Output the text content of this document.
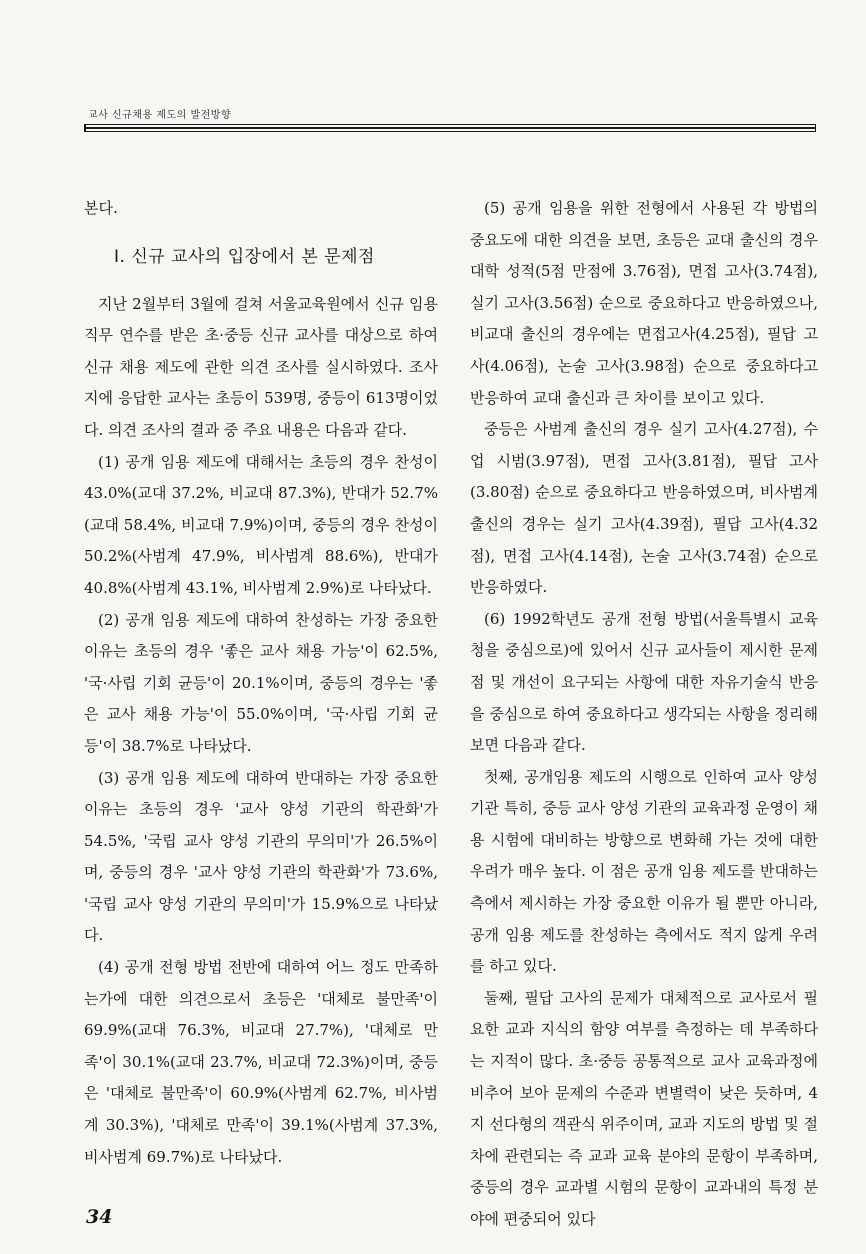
교사 신규채용 제도의 발전방향

본다.

I. 신규 교사의 입장에서 본 문제점

지난 2월부터 3월에 걸쳐 서울교육원에서 신규 임용 직무 연수를 받은 초·중등 신규 교사를 대상으로 하여 신규 채용 제도에 관한 의견 조사를 실시하였다. 조사지에 응답한 교사는 초등이 539명, 중등이 613명이었다. 의견 조사의 결과 중 주요 내용은 다음과 같다.

(1) 공개 임용 제도에 대해서는 초등의 경우 찬성이 43.0%(교대 37.2%, 비교대 87.3%), 반대가 52.7%(교대 58.4%, 비교대 7.9%)이며, 중등의 경우 찬성이 50.2%(사범계 47.9%, 비사범계 88.6%), 반대가 40.8%(사범계 43.1%, 비사범계 2.9%)로 나타났다.

(2) 공개 임용 제도에 대하여 찬성하는 가장 중요한 이유는 초등의 경우 '좋은 교사 채용 가능'이 62.5%, '국·사립 기회 균등'이 20.1%이며, 중등의 경우는 '좋은 교사 채용 가능'이 55.0%이며, '국·사립 기회 균등'이 38.7%로 나타났다.

(3) 공개 임용 제도에 대하여 반대하는 가장 중요한 이유는 초등의 경우 '교사 양성 기관의 학관화'가 54.5%, '국립 교사 양성 기관의 무의미'가 26.5%이며, 중등의 경우 '교사 양성 기관의 학관화'가 73.6%, '국립 교사 양성 기관의 무의미'가 15.9%으로 나타났다.

(4) 공개 전형 방법 전반에 대하여 어느 정도 만족하는가에 대한 의견으로서 초등은 '대체로 불만족'이 69.9%(교대 76.3%, 비교대 27.7%), '대체로 만족'이 30.1%(교대 23.7%, 비교대 72.3%)이며, 중등은 '대체로 불만족'이 60.9%(사범계 62.7%, 비사범계 30.3%), '대체로 만족'이 39.1%(사범계 37.3%, 비사범계 69.7%)로 나타났다.

(5) 공개 임용을 위한 전형에서 사용된 각 방법의 중요도에 대한 의견을 보면, 초등은 교대 출신의 경우 대학 성적(5점 만점에 3.76점), 면접 고사(3.74점), 실기 고사(3.56점) 순으로 중요하다고 반응하였으나, 비교대 출신의 경우에는 면접고사(4.25점), 필답 고사(4.06점), 논술 고사(3.98점) 순으로 중요하다고 반응하여 교대 출신과 큰 차이를 보이고 있다.

중등은 사범계 출신의 경우 실기 고사(4.27점), 수업 시범(3.97점), 면접 고사(3.81점), 필답 고사(3.80점) 순으로 중요하다고 반응하였으며, 비사범계 출신의 경우는 실기 고사(4.39점), 필답 고사(4.32점), 면접 고사(4.14점), 논술 고사(3.74점) 순으로 반응하였다.

(6) 1992학년도 공개 전형 방법(서울특별시 교육청을 중심으로)에 있어서 신규 교사들이 제시한 문제점 및 개선이 요구되는 사항에 대한 자유기술식 반응을 중심으로 하여 중요하다고 생각되는 사항을 정리해 보면 다음과 같다.

첫째, 공개임용 제도의 시행으로 인하여 교사 양성 기관 특히, 중등 교사 양성 기관의 교육과정 운영이 채용 시험에 대비하는 방향으로 변화해 가는 것에 대한 우려가 매우 높다. 이 점은 공개 임용 제도를 반대하는 측에서 제시하는 가장 중요한 이유가 될 뿐만 아니라, 공개 임용 제도를 찬성하는 측에서도 적지 않게 우려를 하고 있다.

둘째, 필답 고사의 문제가 대체적으로 교사로서 필요한 교과 지식의 함양 여부를 측정하는 데 부족하다는 지적이 많다. 초·중등 공통적으로 교사 교육과정에 비추어 보아 문제의 수준과 변별력이 낮은 듯하며, 4지 선다형의 객관식 위주이며, 교과 지도의 방법 및 절차에 관련되는 즉 교과 교육 분야의 문항이 부족하며, 중등의 경우 교과별 시험의 문항이 교과내의 특정 분야에 편중되어 있다

34
